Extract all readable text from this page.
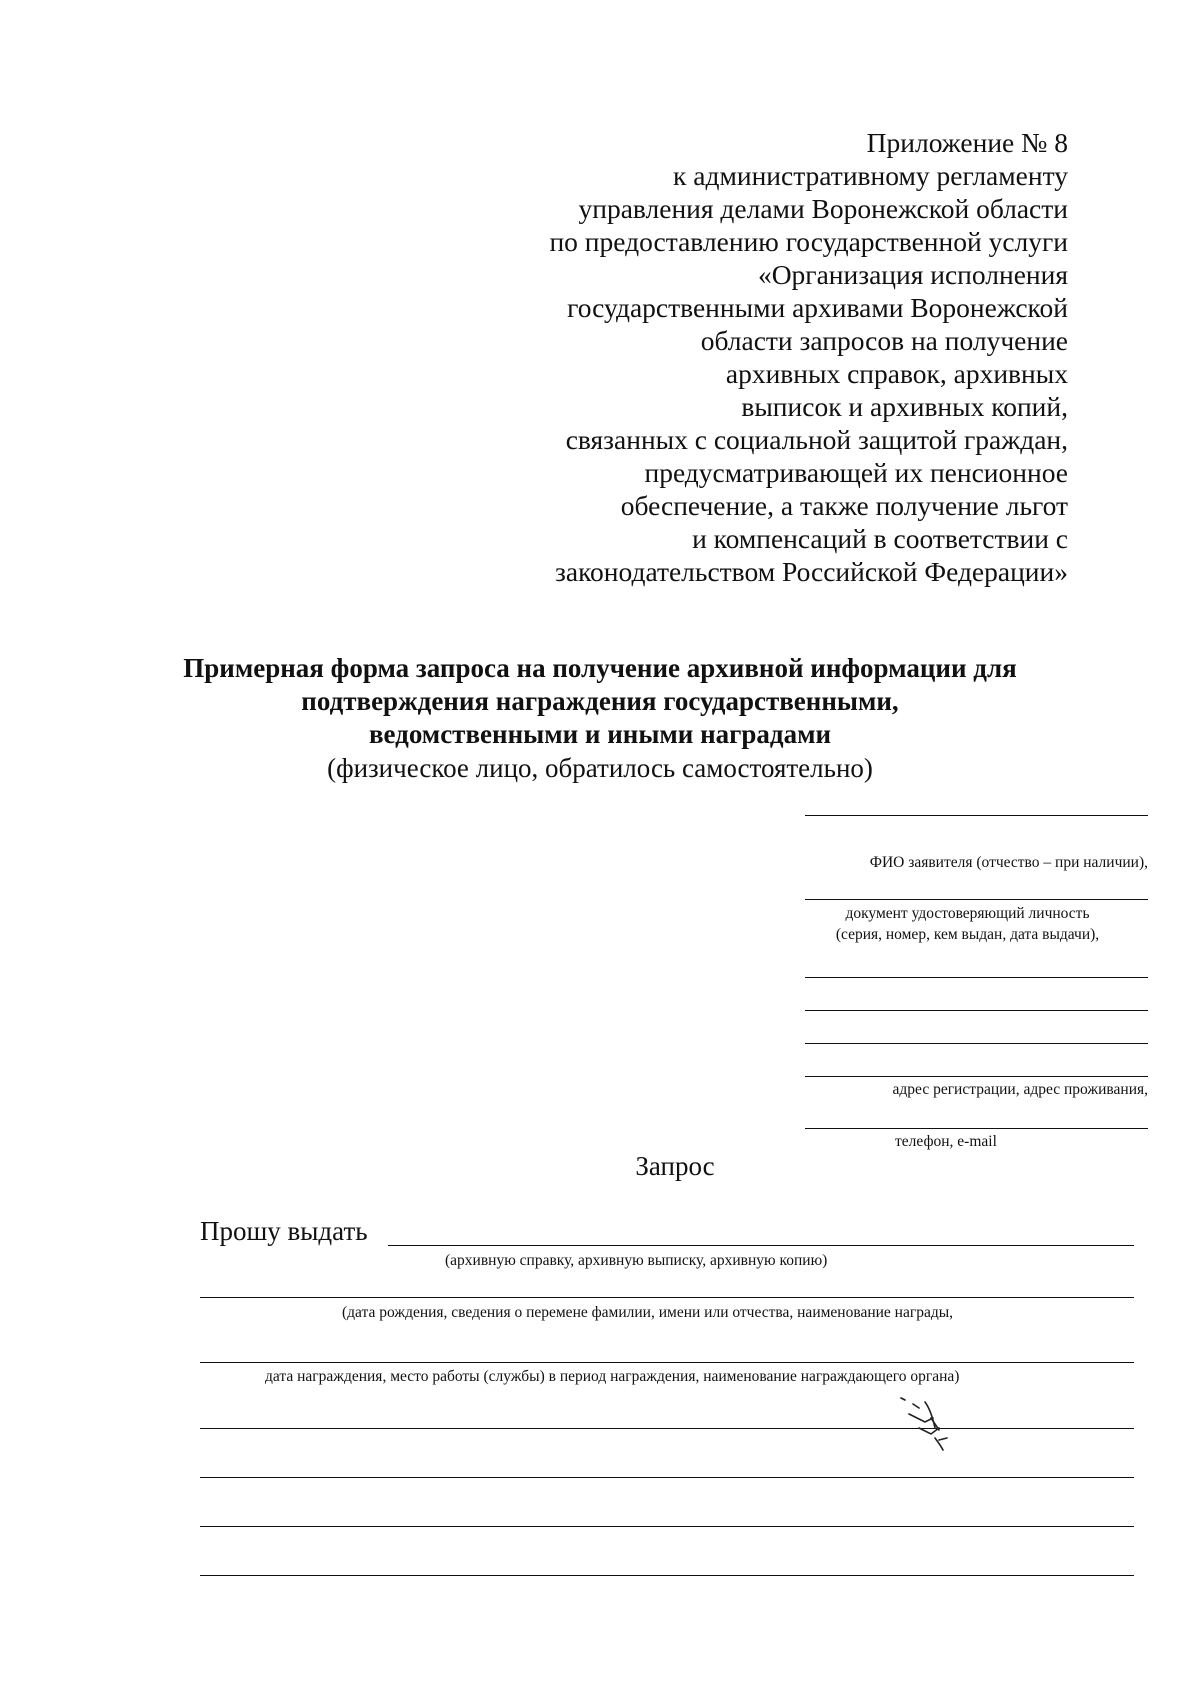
Приложение № 8
к административному регламенту
управления делами Воронежской области
по предоставлению государственной услуги
«Организация исполнения
государственными архивами Воронежской
области запросов на получение
архивных справок, архивных
выписок и архивных копий,
связанных с социальной защитой граждан,
предусматривающей их пенсионное
обеспечение, а также получение льгот
и компенсаций в соответствии с
законодательством Российской Федерации»
Примерная форма запроса на получение архивной информации для
подтверждения награждения государственными,
ведомственными и иными наградами
(физическое лицо, обратилось самостоятельно)
ФИО заявителя (отчество – при наличии),
документ удостоверяющий личность
(серия, номер, кем выдан, дата выдачи),
адрес регистрации, адрес проживания,
телефон, e-mail
Запрос
Прошу выдать
(архивную справку, архивную выписку, архивную копию)
(дата рождения, сведения о перемене фамилии, имени или отчества, наименование награды,
дата награждения, место работы (службы) в период награждения, наименование награждающего органа)
